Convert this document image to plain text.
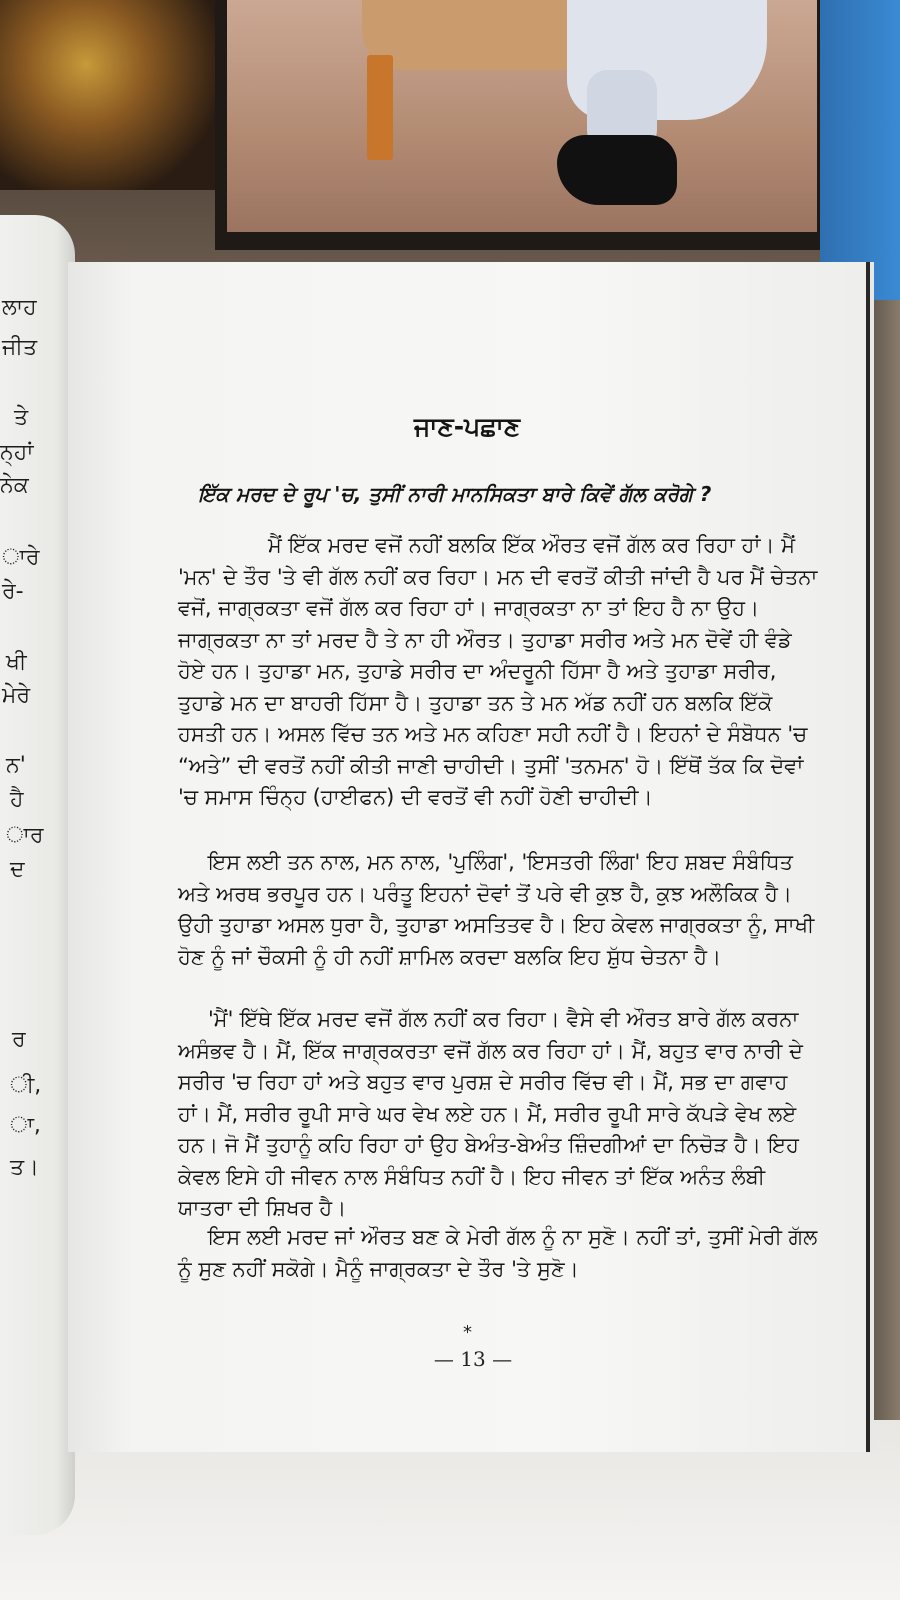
ਲਾਹ
ਜੀਤ
ਤੇ
ਨ੍ਹਾਂ
ਨੇਕ
ਾਰੇ
ਰੇ-
ਖੀ
ਮੇਰੇ
ਨ'
ਹੈ
ਾਰ
ਦ
ਰ
ੀ,
ਾ,
ਤ।
ਜਾਣ-ਪਛਾਣ
ਇੱਕ ਮਰਦ ਦੇ ਰੂਪ 'ਚ, ਤੁਸੀਂ ਨਾਰੀ ਮਾਨਸਿਕਤਾ ਬਾਰੇ ਕਿਵੇਂ ਗੱਲ ਕਰੋਗੇ ?

ਮੈਂ ਇੱਕ ਮਰਦ ਵਜੋਂ ਨਹੀਂ ਬਲਕਿ ਇੱਕ ਔਰਤ ਵਜੋਂ ਗੱਲ ਕਰ ਰਿਹਾ ਹਾਂ। ਮੈਂ 'ਮਨ' ਦੇ ਤੌਰ 'ਤੇ ਵੀ ਗੱਲ ਨਹੀਂ ਕਰ ਰਿਹਾ। ਮਨ ਦੀ ਵਰਤੋਂ ਕੀਤੀ ਜਾਂਦੀ ਹੈ ਪਰ ਮੈਂ ਚੇਤਨਾ ਵਜੋਂ, ਜਾਗ੍ਰਕਤਾ ਵਜੋਂ ਗੱਲ ਕਰ ਰਿਹਾ ਹਾਂ। ਜਾਗ੍ਰਕਤਾ ਨਾ ਤਾਂ ਇਹ ਹੈ ਨਾ ਉਹ। ਜਾਗ੍ਰਕਤਾ ਨਾ ਤਾਂ ਮਰਦ ਹੈ ਤੇ ਨਾ ਹੀ ਔਰਤ। ਤੁਹਾਡਾ ਸਰੀਰ ਅਤੇ ਮਨ ਦੋਵੇਂ ਹੀ ਵੰਡੇ ਹੋਏ ਹਨ। ਤੁਹਾਡਾ ਮਨ, ਤੁਹਾਡੇ ਸਰੀਰ ਦਾ ਅੰਦਰੂਨੀ ਹਿੱਸਾ ਹੈ ਅਤੇ ਤੁਹਾਡਾ ਸਰੀਰ, ਤੁਹਾਡੇ ਮਨ ਦਾ ਬਾਹਰੀ ਹਿੱਸਾ ਹੈ। ਤੁਹਾਡਾ ਤਨ ਤੇ ਮਨ ਅੱਡ ਨਹੀਂ ਹਨ ਬਲਕਿ ਇੱਕੋ ਹਸਤੀ ਹਨ। ਅਸਲ ਵਿੱਚ ਤਨ ਅਤੇ ਮਨ ਕਹਿਣਾ ਸਹੀ ਨਹੀਂ ਹੈ। ਇਹਨਾਂ ਦੇ ਸੰਬੋਧਨ 'ਚ “ਅਤੇ” ਦੀ ਵਰਤੋਂ ਨਹੀਂ ਕੀਤੀ ਜਾਣੀ ਚਾਹੀਦੀ। ਤੁਸੀਂ 'ਤਨਮਨ' ਹੋ। ਇੱਥੋਂ ਤੱਕ ਕਿ ਦੋਵਾਂ 'ਚ ਸਮਾਸ ਚਿੰਨ੍ਹ (ਹਾਈਫਨ) ਦੀ ਵਰਤੋਂ ਵੀ ਨਹੀਂ ਹੋਣੀ ਚਾਹੀਦੀ।

ਇਸ ਲਈ ਤਨ ਨਾਲ, ਮਨ ਨਾਲ, 'ਪੁਲਿੰਗ', 'ਇਸਤਰੀ ਲਿੰਗ' ਇਹ ਸ਼ਬਦ ਸੰਬੰਧਿਤ ਅਤੇ ਅਰਥ ਭਰਪੂਰ ਹਨ। ਪਰੰਤੂ ਇਹਨਾਂ ਦੋਵਾਂ ਤੋਂ ਪਰੇ ਵੀ ਕੁਝ ਹੈ, ਕੁਝ ਅਲੌਕਿਕ ਹੈ। ਉਹੀ ਤੁਹਾਡਾ ਅਸਲ ਧੁਰਾ ਹੈ, ਤੁਹਾਡਾ ਅਸਤਿਤਵ ਹੈ। ਇਹ ਕੇਵਲ ਜਾਗ੍ਰਕਤਾ ਨੂੰ, ਸਾਖੀ ਹੋਣ ਨੂੰ ਜਾਂ ਚੌਕਸੀ ਨੂੰ ਹੀ ਨਹੀਂ ਸ਼ਾਮਿਲ ਕਰਦਾ ਬਲਕਿ ਇਹ ਸ਼ੁੱਧ ਚੇਤਨਾ ਹੈ।

'ਮੈਂ' ਇੱਥੇ ਇੱਕ ਮਰਦ ਵਜੋਂ ਗੱਲ ਨਹੀਂ ਕਰ ਰਿਹਾ। ਵੈਸੇ ਵੀ ਔਰਤ ਬਾਰੇ ਗੱਲ ਕਰਨਾ ਅਸੰਭਵ ਹੈ। ਮੈਂ, ਇੱਕ ਜਾਗ੍ਰਕਰਤਾ ਵਜੋਂ ਗੱਲ ਕਰ ਰਿਹਾ ਹਾਂ। ਮੈਂ, ਬਹੁਤ ਵਾਰ ਨਾਰੀ ਦੇ ਸਰੀਰ 'ਚ ਰਿਹਾ ਹਾਂ ਅਤੇ ਬਹੁਤ ਵਾਰ ਪੁਰਸ਼ ਦੇ ਸਰੀਰ ਵਿੱਚ ਵੀ। ਮੈਂ, ਸਭ ਦਾ ਗਵਾਹ ਹਾਂ। ਮੈਂ, ਸਰੀਰ ਰੂਪੀ ਸਾਰੇ ਘਰ ਵੇਖ ਲਏ ਹਨ। ਮੈਂ, ਸਰੀਰ ਰੂਪੀ ਸਾਰੇ ਕੱਪੜੇ ਵੇਖ ਲਏ ਹਨ। ਜੋ ਮੈਂ ਤੁਹਾਨੂੰ ਕਹਿ ਰਿਹਾ ਹਾਂ ਉਹ ਬੇਅੰਤ-ਬੇਅੰਤ ਜ਼ਿੰਦਗੀਆਂ ਦਾ ਨਿਚੋੜ ਹੈ। ਇਹ ਕੇਵਲ ਇਸੇ ਹੀ ਜੀਵਨ ਨਾਲ ਸੰਬੰਧਿਤ ਨਹੀਂ ਹੈ। ਇਹ ਜੀਵਨ ਤਾਂ ਇੱਕ ਅਨੰਤ ਲੰਬੀ ਯਾਤਰਾ ਦੀ ਸ਼ਿਖਰ ਹੈ।

ਇਸ ਲਈ ਮਰਦ ਜਾਂ ਔਰਤ ਬਣ ਕੇ ਮੇਰੀ ਗੱਲ ਨੂੰ ਨਾ ਸੁਣੋ। ਨਹੀਂ ਤਾਂ, ਤੁਸੀਂ ਮੇਰੀ ਗੱਲ ਨੂੰ ਸੁਣ ਨਹੀਂ ਸਕੋਗੇ। ਮੈਨੂੰ ਜਾਗ੍ਰਕਤਾ ਦੇ ਤੌਰ 'ਤੇ ਸੁਣੋ।

*
— 13 —
